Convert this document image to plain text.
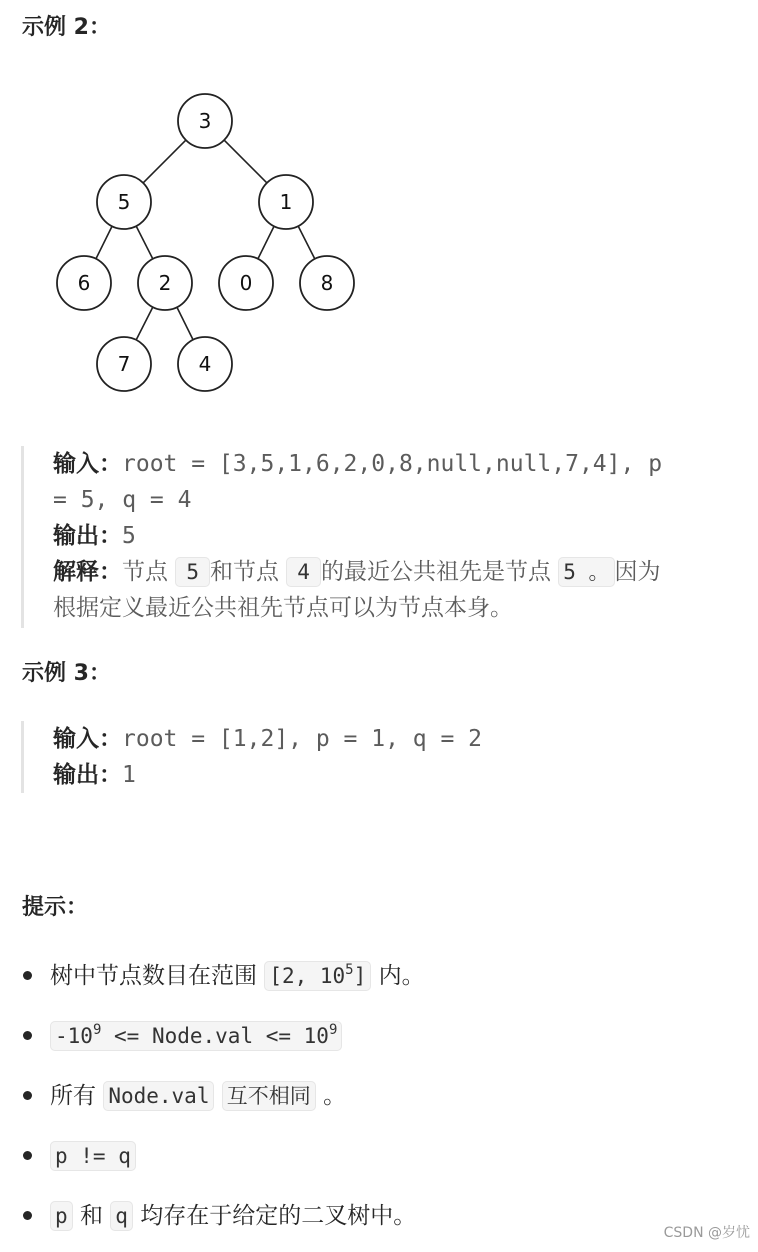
示例 2：
3
5	1
6	2	0	8
7	4
输入：root = [3,5,1,6,2,0,8,null,null,7,4], p
= 5, q = 4
输出：5
解释：节点 5 和节点 4 的最近公共祖先是节点 5 。 因为
根据定义最近公共祖先节点可以为节点本身。
示例 3：
输入：root = [1,2], p = 1, q = 2
输出：1
提示：
树中节点数目在范围 [2, $10^5$] 内。
$-10^9$ <= Node.val <= $10^9$
所有 Node.val 互不相同 。
p != q
p 和 q 均存在于给定的二叉树中。
CSDN @岁忧
